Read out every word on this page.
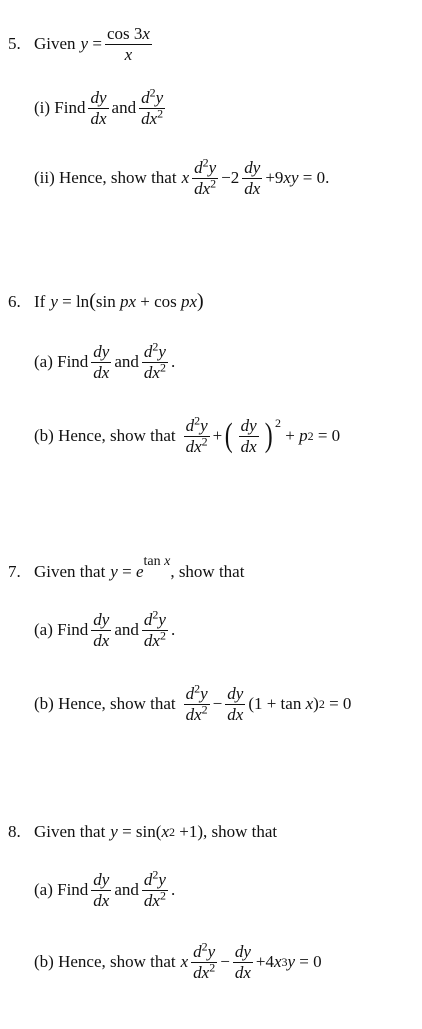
5. Given $y = \frac{\cos 3x}{x}$
(i) Find $\frac{dy}{dx}$ and $\frac{d^2y}{dx^2}$
(ii) Hence, show that x $\frac{d^2y}{dx^2} -2 \frac{dy}{dx} +9$ xy = 0 .
6. If y = ln ( sin px + cos px )
(a) Find $\frac{dy}{dx}$ and $\frac{d^2y}{dx^2}$ .
(b) Hence, show that $\frac{d^2y}{dx^2}$ + ( $\frac{dy}{dx}$ ) 2
+ p 2 = 0
7. Given that y = e
tan x
, show that
(a) Find $\frac{dy}{dx}$ and $\frac{d^2y}{dx^2}$ .
(b) Hence, show that $\frac{d^2y}{dx^2} - \frac{dy}{dx} (1 + \tan x$ ) 2 = 0
8. Given that y = sin( x 2 +1) , show that
(a) Find $\frac{dy}{dx}$ and $\frac{d^2y}{dx^2}$ .
(b) Hence, show that x $\frac{d^2y}{dx^2} - \frac{dy}{dx} +4$ x 3 y = 0
